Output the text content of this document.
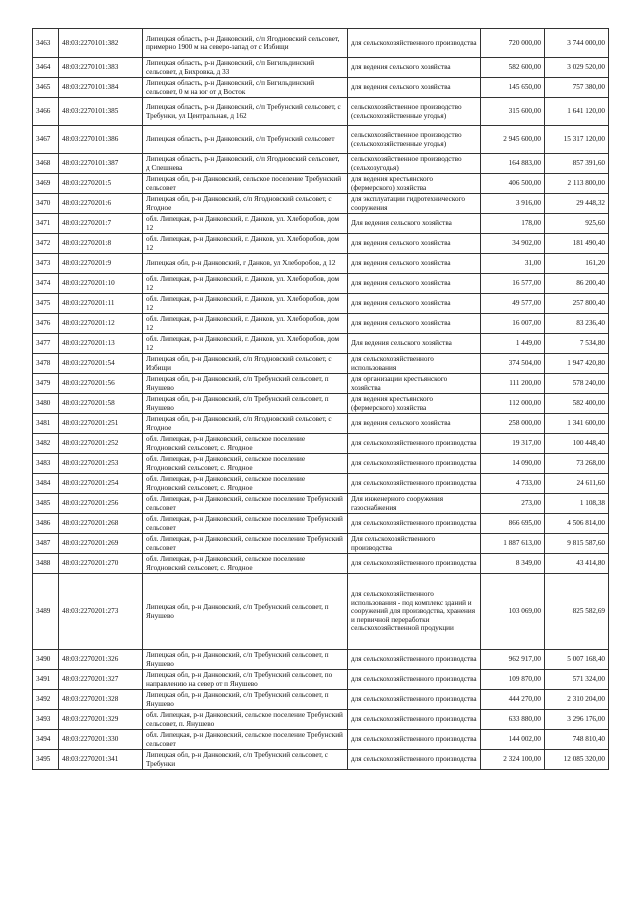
3463	48:03:2270101:382	Липецкая область, р-н Данковский, с/п Ягодновский сельсовет, примерно 1900 м на северо-запад от с Избищи	для сельскохозяйственного производства	720 000,00	3 744 000,00
3464	48:03:2270101:383	Липецкая область, р-н Данковский, с/п Бигильдинский сельсовет, д Бихровка, д 33	для ведения сельского хозяйства	582 600,00	3 029 520,00
3465	48:03:2270101:384	Липецкая область, р-н Данковский, с/п Бигильдинский сельсовет, 0 м на юг от д Восток	для ведения сельского хозяйства	145 650,00	757 380,00
3466	48:03:2270101:385	Липецкая область, р-н Данковский, с/п Требунский сельсовет, с Требунки, ул Центральная, д 162	сельскохозяйственное производство (сельскохозяйственные угодья)	315 600,00	1 641 120,00
3467	48:03:2270101:386	Липецкая область, р-н Данковский, с/п Требунский сельсовет	сельскохозяйственное производство (сельскохозяйственные угодья)	2 945 600,00	15 317 120,00
3468	48:03:2270101:387	Липецкая область, р-н Данковский, с/п Ягодновский сельсовет, д Спешнева	сельскохозяйственное производство (сельхозугодья)	164 883,00	857 391,60
3469	48:03:2270201:5	Липецкая обл, р-н Данковский, сельское поселение Требунский сельсовет	для ведения крестьянского (фермерского) хозяйства	406 500,00	2 113 800,00
3470	48:03:2270201:6	Липецкая обл, р-н Данковский, с/п Ягодновский сельсовет, с Ягодное	для эксплуатации гидротехнического сооружения	3 916,00	29 448,32
3471	48:03:2270201:7	обл. Липецкая, р-н Данковский, г. Данков, ул. Хлеборобов, дом 12	Для ведения сельского хозяйства	178,00	925,60
3472	48:03:2270201:8	обл. Липецкая, р-н Данковский, г. Данков, ул. Хлеборобов, дом 12	для ведения сельского хозяйства	34 902,00	181 490,40
3473	48:03:2270201:9	Липецкая обл, р-н Данковский, г Данков, ул Хлеборобов, д 12	для ведения сельского хозяйства	31,00	161,20
3474	48:03:2270201:10	обл. Липецкая, р-н Данковский, г. Данков, ул. Хлеборобов, дом 12	для ведения сельского хозяйства	16 577,00	86 200,40
3475	48:03:2270201:11	обл. Липецкая, р-н Данковский, г. Данков, ул. Хлеборобов, дом 12	для ведения сельского хозяйства	49 577,00	257 800,40
3476	48:03:2270201:12	обл. Липецкая, р-н Данковский, г. Данков, ул. Хлеборобов, дом 12	для ведения сельского хозяйства	16 007,00	83 236,40
3477	48:03:2270201:13	обл. Липецкая, р-н Данковский, г. Данков, ул. Хлеборобов, дом 12	Для ведения сельского хозяйства	1 449,00	7 534,80
3478	48:03:2270201:54	Липецкая обл, р-н Данковский, с/п Ягодновский сельсовет, с Избищи	для сельскохозяйственного использования	374 504,00	1 947 420,80
3479	48:03:2270201:56	Липецкая обл, р-н Данковский, с/п Требунский сельсовет, п Янушево	для организации крестьянского хозяйства	111 200,00	578 240,00
3480	48:03:2270201:58	Липецкая обл, р-н Данковский, с/п Требунский сельсовет, п Янушево	для ведения крестьянского (фермерского) хозяйства	112 000,00	582 400,00
3481	48:03:2270201:251	Липецкая обл, р-н Данковский, с/п Ягодновский сельсовет, с Ягодное	для ведения сельского хозяйства	258 000,00	1 341 600,00
3482	48:03:2270201:252	обл. Липецкая, р-н Данковский, сельское поселение Ягодновский сельсовет, с. Ягодное	для сельскохозяйственного производства	19 317,00	100 448,40
3483	48:03:2270201:253	обл. Липецкая, р-н Данковский, сельское поселение Ягодновский сельсовет, с. Ягодное	для сельскохозяйственного производства	14 090,00	73 268,00
3484	48:03:2270201:254	обл. Липецкая, р-н Данковский, сельское поселение Ягодновский сельсовет, с. Ягодное	для сельскохозяйственного производства	4 733,00	24 611,60
3485	48:03:2270201:256	обл. Липецкая, р-н Данковский, сельское поселение Требунский сельсовет	Для инженерного сооружения газоснабжения	273,00	1 108,38
3486	48:03:2270201:268	обл. Липецкая, р-н Данковский, сельское поселение Требунский сельсовет	для сельскохозяйственного производства	866 695,00	4 506 814,00
3487	48:03:2270201:269	обл. Липецкая, р-н Данковский, сельское поселение Требунский сельсовет	Для сельскохозяйственного производства	1 887 613,00	9 815 587,60
3488	48:03:2270201:270	обл. Липецкая, р-н Данковский, сельское поселение Ягодновский сельсовет, с. Ягодное	для сельскохозяйственного производства	8 349,00	43 414,80
3489	48:03:2270201:273	Липецкая обл, р-н Данковский, с/п Требунский сельсовет, п Янушево	для сельскохозяйственного использования - под комплекс зданий и сооружений для производства, хранения и первичной переработки сельскохозяйственной продукции	103 069,00	825 582,69
3490	48:03:2270201:326	Липецкая обл, р-н Данковский, с/п Требунский сельсовет, п Янушево	для сельскохозяйственного производства	962 917,00	5 007 168,40
3491	48:03:2270201:327	Липецкая обл, р-н Данковский, с/п Требунский сельсовет, по направлению на север от п Янушево	для сельскохозяйственного производства	109 870,00	571 324,00
3492	48:03:2270201:328	Липецкая обл, р-н Данковский, с/п Требунский сельсовет, п Янушево	для сельскохозяйственного производства	444 270,00	2 310 204,00
3493	48:03:2270201:329	обл. Липецкая, р-н Данковский, сельское поселение Требунский сельсовет, п. Янушево	для сельскохозяйственного производства	633 880,00	3 296 176,00
3494	48:03:2270201:330	обл. Липецкая, р-н Данковский, сельское поселение Требунский сельсовет	для сельскохозяйственного производства	144 002,00	748 810,40
3495	48:03:2270201:341	Липецкая обл, р-н Данковский, с/п Требунский сельсовет, с Требунки	для сельскохозяйственного производства	2 324 100,00	12 085 320,00
